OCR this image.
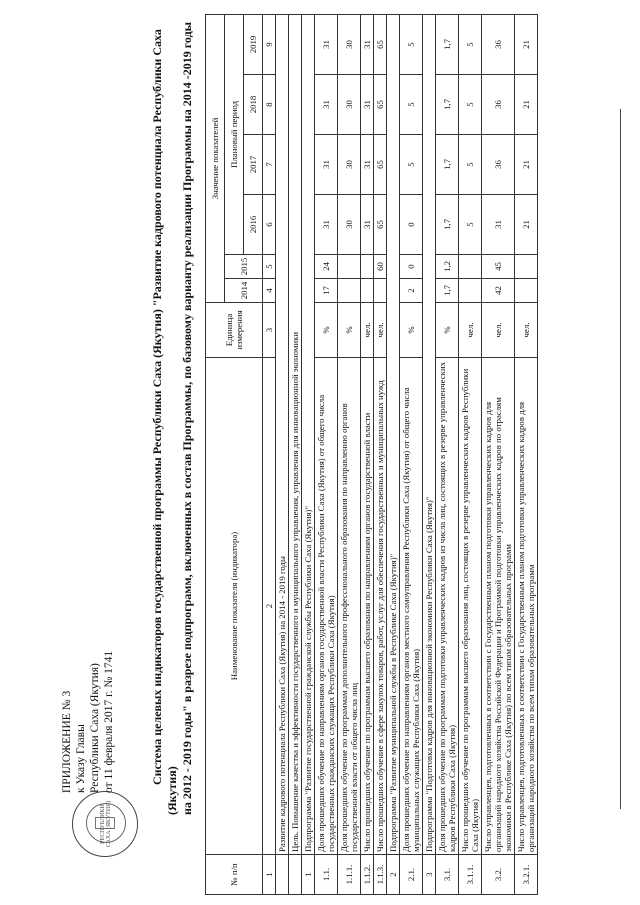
РЕСПУБЛИКИ САХА (ЯКУТИЯ)
ПРИЛОЖЕНИЕ № 3 к Указу Главы Республики Саха (Якутия) от 11 февраля 2017 г. № 1741	Система целевых индикаторов государственной программы Республики Саха (Якутия) "Развитие кадрового потенциала Республики Саха (Якутия) на 2012 - 2019 годы" в разрезе подпрограмм, включенных в состав Программы, по базовому варианту реализации Программы на 2014 -2019 годы
№ п/п	Наименование показателя (индикатора)	Единица измерения	Значение показателей					
			2014	2015	Плановый период			
					2016	2017	2018	2019
1	2	3	4	5	6	7	8	9
	Развитие кадрового потенциала Республики Саха (Якутия) на 2014 - 2019 годы							
	Цель. Повышение качества и эффективности государственного и муниципального управления, управления для инновационной экономики							
1	Подпрограмма "Развитие государственной гражданской службы Республики Саха (Якутия)"							
1.1.	Доля прошедших обучение по направлениям органов государственной власти Республики Саха (Якутия) от общего числа государственных гражданских служащих Республики Саха (Якутия)	%	17	24	31	31	31	31
1.1.1.	Доля прошедших обучение по программам дополнительного профессионального образования по направлению органов государственной власти от общего числа лиц	%			30	30	30	30
1.1.2.	Число прошедших обучение по программам высшего образования по направлениям органов государственной власти	чел.			31	31	31	31
1.1.3.	Число прошедших обучение в сфере закупок товаров, работ, услуг для обеспечения государственных и муниципальных нужд	чел.		60	65	65	65	65
2	Подпрограмма "Развитие муниципальной службы в Республике Саха (Якутия)"							
2.1.	Доля прошедших обучение по направлениям органов местного самоуправления Республики Саха (Якутия) от общего числа муниципальных служащих Республики Саха (Якутия)	%	2	0	0	5	5	5
3	Подпрограмма "Подготовка кадров для инновационной экономики Республики Саха (Якутия)"							
3.1.	Доля прошедших обучение по программам подготовки управленческих кадров из числа лиц, состоящих в резерве управленческих кадров Республики Саха (Якутия)	%	1,7	1,2	1,7	1,7	1,7	1,7
3.1.1.	Число прошедших обучение по программам высшего образования лиц, состоящих в резерве управленческих кадров Республики Саха (Якутия)	чел.			5	5	5	5
3.2.	Число управленцев, подготовленных в соответствии с Государственным планом подготовки управленческих кадров для организаций народного хозяйства Российской Федерации и Программой подготовки управленческих кадров по отраслям экономики в Республике Саха (Якутия) по всем типам образовательных программ	чел.	42	45	31	36	36	36
3.2.1.	Число управленцев, подготовленных в соответствии с Государственным планом подготовки управленческих кадров для организаций народного хозяйства по всем типам образовательных программ	чел.			21	21	21	21
